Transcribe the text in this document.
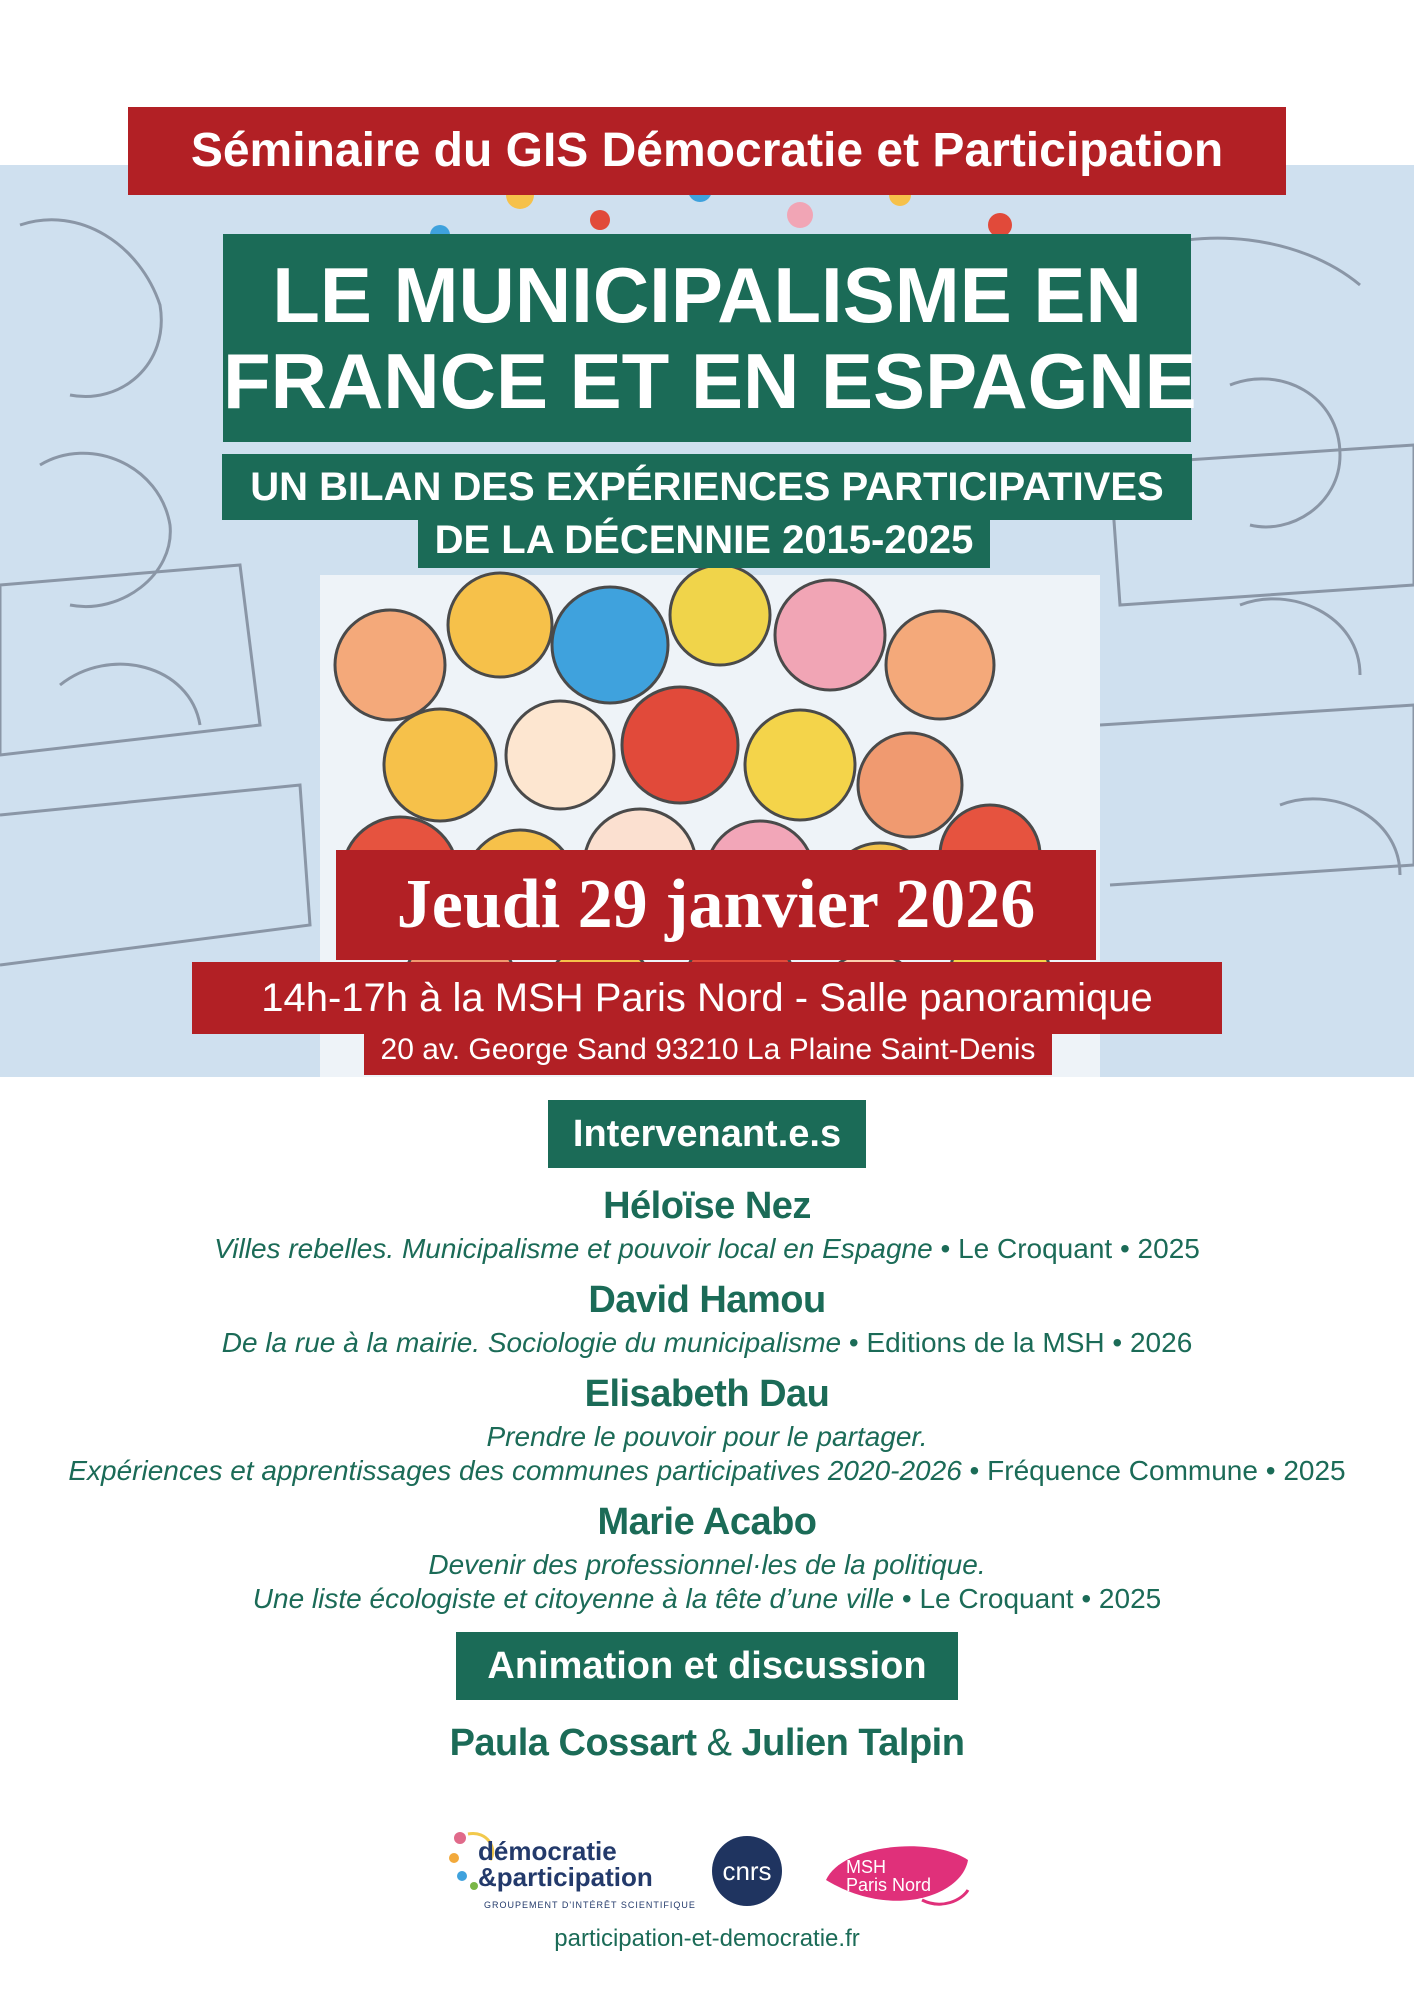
Séminaire du GIS Démocratie et Participation
LE MUNICIPALISME EN
FRANCE ET EN ESPAGNE
UN BILAN DES EXPÉRIENCES PARTICIPATIVES
DE LA DÉCENNIE 2015-2025
Jeudi 29 janvier 2026
14h-17h à la MSH Paris Nord - Salle panoramique
20 av. George Sand 93210 La Plaine Saint-Denis
Intervenant.e.s
Héloïse Nez
Villes rebelles. Municipalisme et pouvoir local en Espagne • Le Croquant • 2025
David Hamou
De la rue à la mairie. Sociologie du municipalisme • Editions de la MSH • 2026
Elisabeth Dau
Prendre le pouvoir pour le partager.
Expériences et apprentissages des communes participatives 2020-2026 • Fréquence Commune • 2025
Marie Acabo
Devenir des professionnel·les de la politique.
Une liste écologiste et citoyenne à la tête d’une ville • Le Croquant • 2025
Animation et discussion
Paula Cossart & Julien Talpin
démocratie
&participation
GROUPEMENT D'INTÉRÊT SCIENTIFIQUE
cnrs	MSH
Paris Nord
participation-et-democratie.fr
